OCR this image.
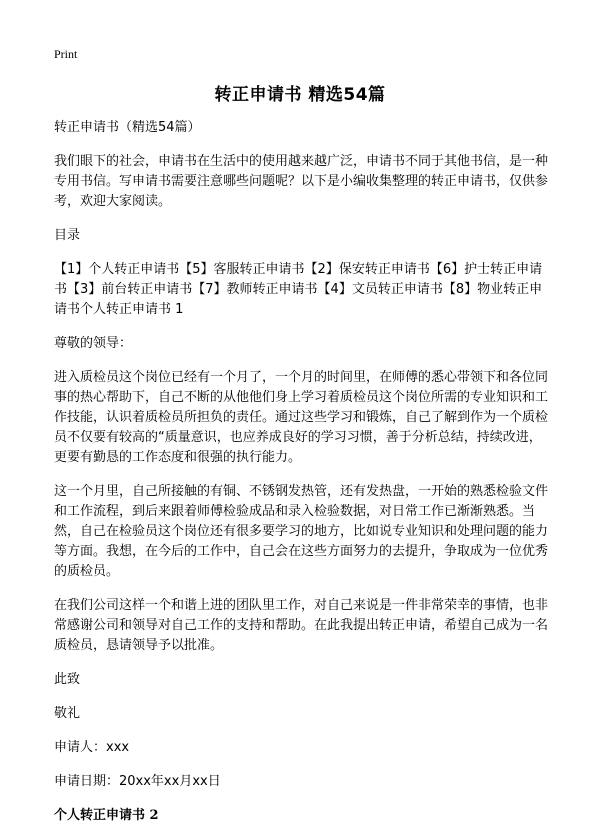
Print
转正申请书 精选54篇

转正申请书（精选54篇）

我们眼下的社会，申请书在生活中的使用越来越广泛，申请书不同于其他书信，是一种专用书信。写申请书需要注意哪些问题呢？以下是小编收集整理的转正申请书，仅供参考，欢迎大家阅读。

目录

【1】个人转正申请书【5】客服转正申请书【2】保安转正申请书【6】护士转正申请书【3】前台转正申请书【7】教师转正申请书【4】文员转正申请书【8】物业转正申请书个人转正申请书 1

尊敬的领导：

进入质检员这个岗位已经有一个月了，一个月的时间里，在师傅的悉心带领下和各位同事的热心帮助下，自己不断的从他他们身上学习着质检员这个岗位所需的专业知识和工作技能，认识着质检员所担负的责任。通过这些学习和锻炼，自己了解到作为一个质检员不仅要有较高的“质量意识，也应养成良好的学习习惯，善于分析总结，持续改进，更要有勤恳的工作态度和很强的执行能力。

这一个月里，自己所接触的有铜、不锈钢发热管，还有发热盘，一开始的熟悉检验文件和工作流程，到后来跟着师傅检验成品和录入检验数据，对日常工作已渐渐熟悉。当然，自己在检验员这个岗位还有很多要学习的地方，比如说专业知识和处理问题的能力等方面。我想，在今后的工作中，自己会在这些方面努力的去提升，争取成为一位优秀的质检员。

在我们公司这样一个和谐上进的团队里工作，对自己来说是一件非常荣幸的事情，也非常感谢公司和领导对自己工作的支持和帮助。在此我提出转正申请，希望自己成为一名质检员，恳请领导予以批准。

此致

敬礼

申请人：xxx

申请日期：20xx年xx月xx日

个人转正申请书 2
